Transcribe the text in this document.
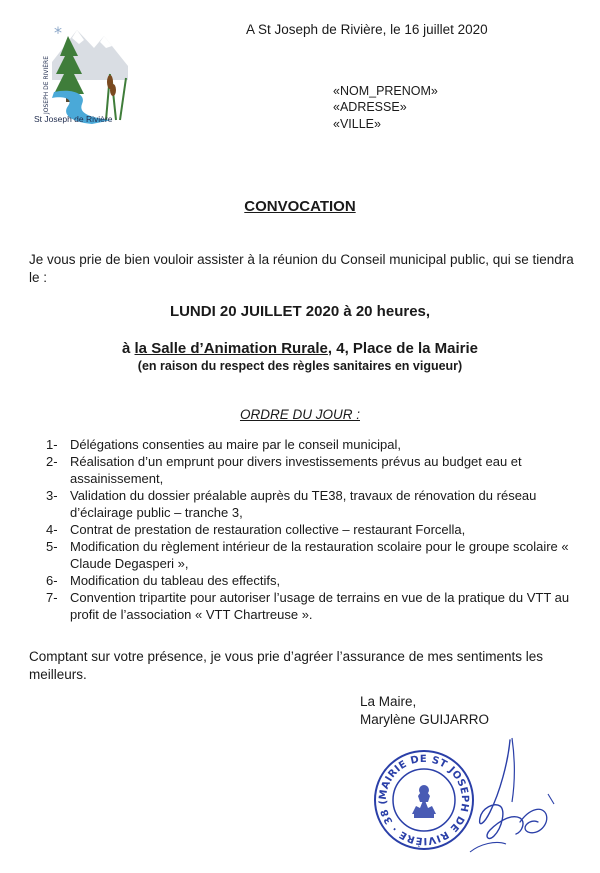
*
JOSEPH DE RIVIÈRE
St Joseph de Rivière
A St Joseph de Rivière, le 16 juillet 2020
«NOM_PRENOM»
«ADRESSE»
«VILLE»
CONVOCATION
Je vous prie de bien vouloir assister à la réunion du Conseil municipal public, qui se tiendra le :
LUNDI 20 JUILLET 2020 à 20 heures,
à la Salle d’Animation Rurale, 4, Place de la Mairie
(en raison du respect des règles sanitaires en vigueur)
ORDRE DU JOUR :
1- Délégations consenties au maire par le conseil municipal,
2- Réalisation d’un emprunt pour divers investissements prévus au budget eau et assainissement,
3- Validation du dossier préalable auprès du TE38, travaux de rénovation du réseau d’éclairage public – tranche 3,
4- Contrat de prestation de restauration collective – restaurant Forcella,
5- Modification du règlement intérieur de la restauration scolaire pour le groupe scolaire « Claude Degasperi »,
6- Modification du tableau des effectifs,
7- Convention tripartite pour autoriser l’usage de terrains en vue de la pratique du VTT au profit de l’association « VTT Chartreuse ».
Comptant sur votre présence, je vous prie d’agréer l’assurance de mes sentiments les meilleurs.
La Maire,
Marylène GUIJARRO
MAIRIE DE ST JOSEPH DE RIVIÈRE · 38 (
